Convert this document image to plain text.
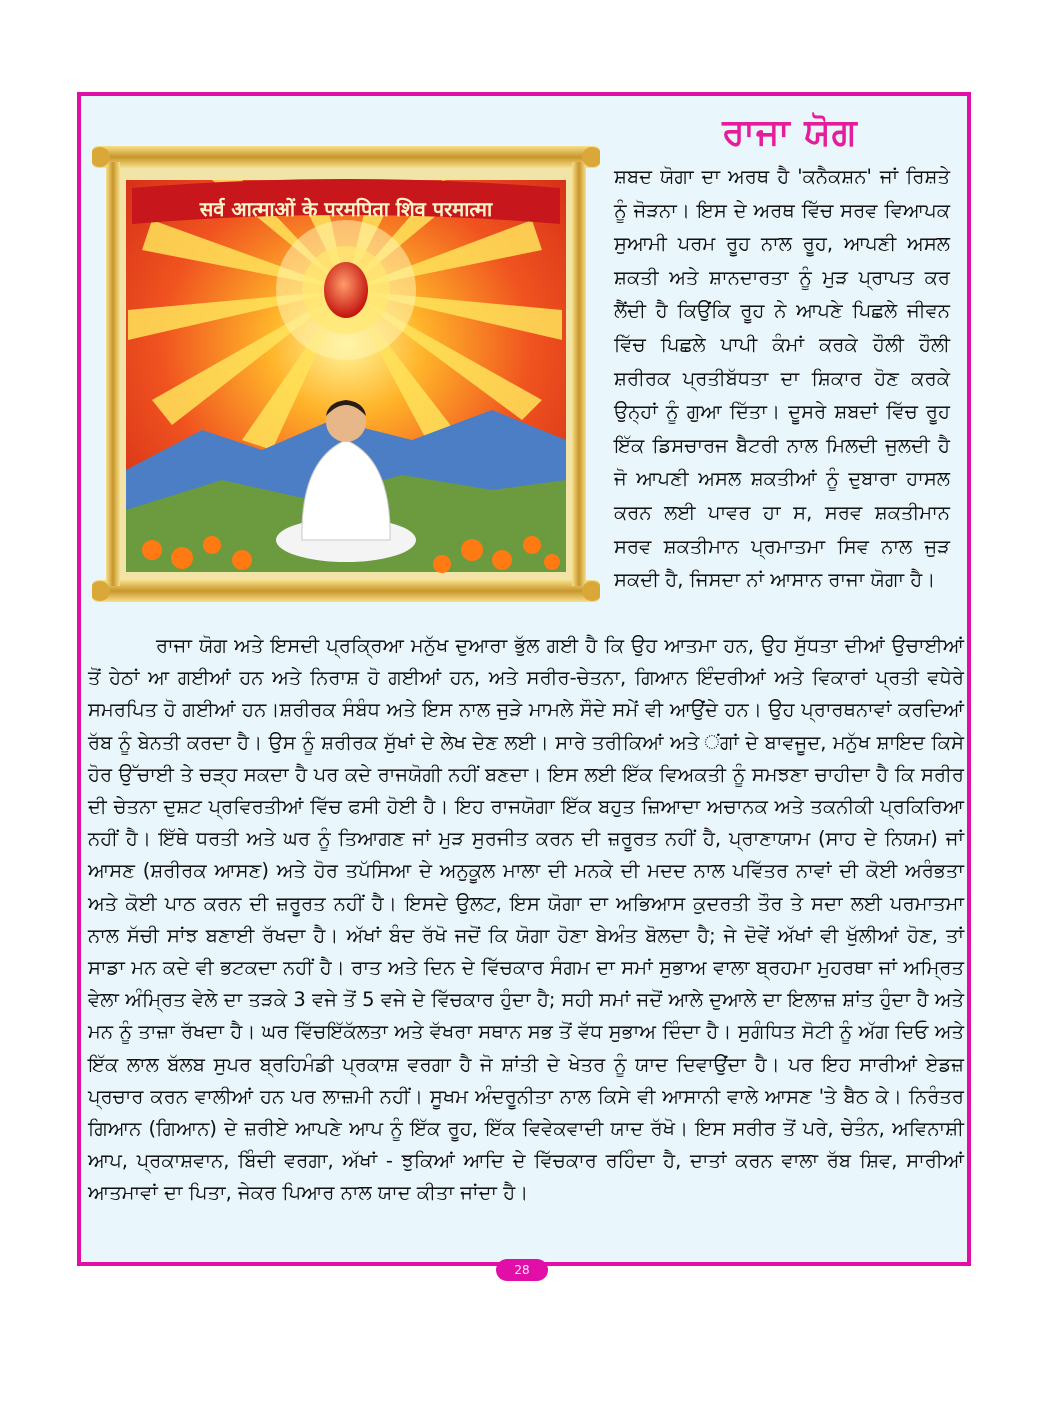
सर्व आत्माओं के परमपिता शिव परमात्मा
ਰਾਜਾ ਯੋਗ
ਸ਼ਬਦ ਯੋਗਾ ਦਾ ਅਰਥ ਹੈ 'ਕਨੈਕਸ਼ਨ' ਜਾਂ ਰਿਸ਼ਤੇ ਨੂੰ ਜੋੜਨਾ। ਇਸ ਦੇ ਅਰਥ ਵਿੱਚ ਸਰਵ ਵਿਆਪਕ ਸੁਆਮੀ ਪਰਮ ਰੂਹ ਨਾਲ ਰੂਹ, ਆਪਣੀ ਅਸਲ ਸ਼ਕਤੀ ਅਤੇ ਸ਼ਾਨਦਾਰਤਾ ਨੂੰ ਮੁੜ ਪ੍ਰਾਪਤ ਕਰ ਲੈਂਦੀ ਹੈ ਕਿਉਂਕਿ ਰੂਹ ਨੇ ਆਪਣੇ ਪਿਛਲੇ ਜੀਵਨ ਵਿੱਚ ਪਿਛਲੇ ਪਾਪੀ ਕੰਮਾਂ ਕਰਕੇ ਹੌਲੀ ਹੌਲੀ ਸ਼ਰੀਰਕ ਪ੍ਰਤੀਬੱਧਤਾ ਦਾ ਸ਼ਿਕਾਰ ਹੋਣ ਕਰਕੇ ਉਨ੍ਹਾਂ ਨੂੰ ਗੁਆ ਦਿੱਤਾ। ਦੂਸਰੇ ਸ਼ਬਦਾਂ ਵਿੱਚ ਰੂਹ ਇੱਕ ਡਿਸਚਾਰਜ ਬੈਟਰੀ ਨਾਲ ਮਿਲਦੀ ਜੁਲਦੀ ਹੈ ਜੋ ਆਪਣੀ ਅਸਲ ਸ਼ਕਤੀਆਂ ਨੂੰ ਦੁਬਾਰਾ ਹਾਸਲ ਕਰਨ ਲਈ ਪਾਵਰ ਹਾ ਸ, ਸਰਵ ਸ਼ਕਤੀਮਾਨ ਸਰਵ ਸ਼ਕਤੀਮਾਨ ਪ੍ਰਮਾਤਮਾ ਸਿਵ ਨਾਲ ਜੁੜ ਸਕਦੀ ਹੈ, ਜਿਸਦਾ ਨਾਂ ਆਸਾਨ ਰਾਜਾ ਯੋਗਾ ਹੈ।

ਰਾਜਾ ਯੋਗ ਅਤੇ ਇਸਦੀ ਪ੍ਰਕ੍ਰਿਆ ਮਨੁੱਖ ਦੁਆਰਾ ਭੁੱਲ ਗਈ ਹੈ ਕਿ ਉਹ ਆਤਮਾ ਹਨ, ਉਹ ਸੁੱਧਤਾ ਦੀਆਂ ਉਚਾਈਆਂ ਤੋਂ ਹੇਠਾਂ ਆ ਗਈਆਂ ਹਨ ਅਤੇ ਨਿਰਾਸ਼ ਹੋ ਗਈਆਂ ਹਨ, ਅਤੇ ਸਰੀਰ-ਚੇਤਨਾ, ਗਿਆਨ ਇੰਦਰੀਆਂ ਅਤੇ ਵਿਕਾਰਾਂ ਪ੍ਰਤੀ ਵਧੇਰੇ ਸਮਰਪਿਤ ਹੋ ਗਈਆਂ ਹਨ।ਸ਼ਰੀਰਕ ਸੰਬੰਧ ਅਤੇ ਇਸ ਨਾਲ ਜੁੜੇ ਮਾਮਲੇ ਸੌਦੇ ਸਮੇਂ ਵੀ ਆਉਂਦੇ ਹਨ। ਉਹ ਪ੍ਰਾਰਥਨਾਵਾਂ ਕਰਦਿਆਂ ਰੱਬ ਨੂੰ ਬੇਨਤੀ ਕਰਦਾ ਹੈ। ਉਸ ਨੂੰ ਸ਼ਰੀਰਕ ਸੁੱਖਾਂ ਦੇ ਲੇਖ ਦੇਣ ਲਈ। ਸਾਰੇ ਤਰੀਕਿਆਂ ਅਤੇ ਂਗਾਂ ਦੇ ਬਾਵਜੂਦ, ਮਨੁੱਖ ਸ਼ਾਇਦ ਕਿਸੇ ਹੋਰ ਉੱਚਾਈ ਤੇ ਚੜ੍ਹ ਸਕਦਾ ਹੈ ਪਰ ਕਦੇ ਰਾਜਯੋਗੀ ਨਹੀਂ ਬਣਦਾ। ਇਸ ਲਈ ਇੱਕ ਵਿਅਕਤੀ ਨੂੰ ਸਮਝਣਾ ਚਾਹੀਦਾ ਹੈ ਕਿ ਸਰੀਰ ਦੀ ਚੇਤਨਾ ਦੁਸ਼ਟ ਪ੍ਰਵਿਰਤੀਆਂ ਵਿੱਚ ਫਸੀ ਹੋਈ ਹੈ। ਇਹ ਰਾਜਯੋਗਾ ਇੱਕ ਬਹੁਤ ਜ਼ਿਆਦਾ ਅਚਾਨਕ ਅਤੇ ਤਕਨੀਕੀ ਪ੍ਰਕਿਰਿਆ ਨਹੀਂ ਹੈ। ਇੱਥੇ ਧਰਤੀ ਅਤੇ ਘਰ ਨੂੰ ਤਿਆਗਣ ਜਾਂ ਮੁੜ ਸੁਰਜੀਤ ਕਰਨ ਦੀ ਜ਼ਰੂਰਤ ਨਹੀਂ ਹੈ, ਪ੍ਰਾਣਾਯਾਮ (ਸਾਹ ਦੇ ਨਿਯਮ) ਜਾਂ ਆਸਣ (ਸ਼ਰੀਰਕ ਆਸਣ) ਅਤੇ ਹੋਰ ਤਪੱਸਿਆ ਦੇ ਅਨੁਕੂਲ ਮਾਲਾ ਦੀ ਮਨਕੇ ਦੀ ਮਦਦ ਨਾਲ ਪਵਿੱਤਰ ਨਾਵਾਂ ਦੀ ਕੋਈ ਅਰੰਭਤਾ ਅਤੇ ਕੋਈ ਪਾਠ ਕਰਨ ਦੀ ਜ਼ਰੂਰਤ ਨਹੀਂ ਹੈ। ਇਸਦੇ ਉਲਟ, ਇਸ ਯੋਗਾ ਦਾ ਅਭਿਆਸ ਕੁਦਰਤੀ ਤੌਰ ਤੇ ਸਦਾ ਲਈ ਪਰਮਾਤਮਾ ਨਾਲ ਸੱਚੀ ਸਾਂਝ ਬਣਾਈ ਰੱਖਦਾ ਹੈ। ਅੱਖਾਂ ਬੰਦ ਰੱਖੋ ਜਦੋਂ ਕਿ ਯੋਗਾ ਹੋਣਾ ਬੇਅੰਤ ਬੋਲਦਾ ਹੈ; ਜੇ ਦੋਵੇਂ ਅੱਖਾਂ ਵੀ ਖੁੱਲੀਆਂ ਹੋਣ, ਤਾਂ ਸਾਡਾ ਮਨ ਕਦੇ ਵੀ ਭਟਕਦਾ ਨਹੀਂ ਹੈ। ਰਾਤ ਅਤੇ ਦਿਨ ਦੇ ਵਿੱਚਕਾਰ ਸੰਗਮ ਦਾ ਸਮਾਂ ਸੁਭਾਅ ਵਾਲਾ ਬ੍ਰਹਮਾ ਮੁਹਰਥਾ ਜਾਂ ਅਮ੍ਰਿਤ ਵੇਲਾ ਅੰਮ੍ਰਿਤ ਵੇਲੇ ਦਾ ਤੜਕੇ 3 ਵਜੇ ਤੋਂ 5 ਵਜੇ ਦੇ ਵਿੱਚਕਾਰ ਹੁੰਦਾ ਹੈ; ਸਹੀ ਸਮਾਂ ਜਦੋਂ ਆਲੇ ਦੁਆਲੇ ਦਾ ਇਲਾਜ਼ ਸ਼ਾਂਤ ਹੁੰਦਾ ਹੈ ਅਤੇ ਮਨ ਨੂੰ ਤਾਜ਼ਾ ਰੱਖਦਾ ਹੈ। ਘਰ ਵਿੱਚਇੱਕੱਲਤਾ ਅਤੇ ਵੱਖਰਾ ਸਥਾਨ ਸਭ ਤੋਂ ਵੱਧ ਸੁਭਾਅ ਦਿੰਦਾ ਹੈ। ਸੁਗੰਧਿਤ ਸੋਟੀ ਨੂੰ ਅੱਗ ਦਿਓ ਅਤੇ ਇੱਕ ਲਾਲ ਬੱਲਬ ਸੁਪਰ ਬ੍ਰਹਿਮੰਡੀ ਪ੍ਰਕਾਸ਼ ਵਰਗਾ ਹੈ ਜੋ ਸ਼ਾਂਤੀ ਦੇ ਖੇਤਰ ਨੂੰ ਯਾਦ ਦਿਵਾਉਂਦਾ ਹੈ। ਪਰ ਇਹ ਸਾਰੀਆਂ ਏਡਜ਼ ਪ੍ਰਚਾਰ ਕਰਨ ਵਾਲੀਆਂ ਹਨ ਪਰ ਲਾਜ਼ਮੀ ਨਹੀਂ। ਸੂਖਮ ਅੰਦਰੂਨੀਤਾ ਨਾਲ ਕਿਸੇ ਵੀ ਆਸਾਨੀ ਵਾਲੇ ਆਸਣ 'ਤੇ ਬੈਠ ਕੇ। ਨਿਰੰਤਰ ਗਿਆਨ (ਗਿਆਨ) ਦੇ ਜ਼ਰੀਏ ਆਪਣੇ ਆਪ ਨੂੰ ਇੱਕ ਰੂਹ, ਇੱਕ ਵਿਵੇਕਵਾਦੀ ਯਾਦ ਰੱਖੋ। ਇਸ ਸਰੀਰ ਤੋਂ ਪਰੇ, ਚੇਤੰਨ, ਅਵਿਨਾਸ਼ੀ ਆਪ, ਪ੍ਰਕਾਸ਼ਵਾਨ, ਬਿੰਦੀ ਵਰਗਾ, ਅੱਖਾਂ - ਝੁਕਿਆਂ ਆਦਿ ਦੇ ਵਿੱਚਕਾਰ ਰਹਿੰਦਾ ਹੈ, ਦਾਤਾਂ ਕਰਨ ਵਾਲਾ ਰੱਬ ਸ਼ਿਵ, ਸਾਰੀਆਂ ਆਤਮਾਵਾਂ ਦਾ ਪਿਤਾ, ਜੇਕਰ ਪਿਆਰ ਨਾਲ ਯਾਦ ਕੀਤਾ ਜਾਂਦਾ ਹੈ।

28
